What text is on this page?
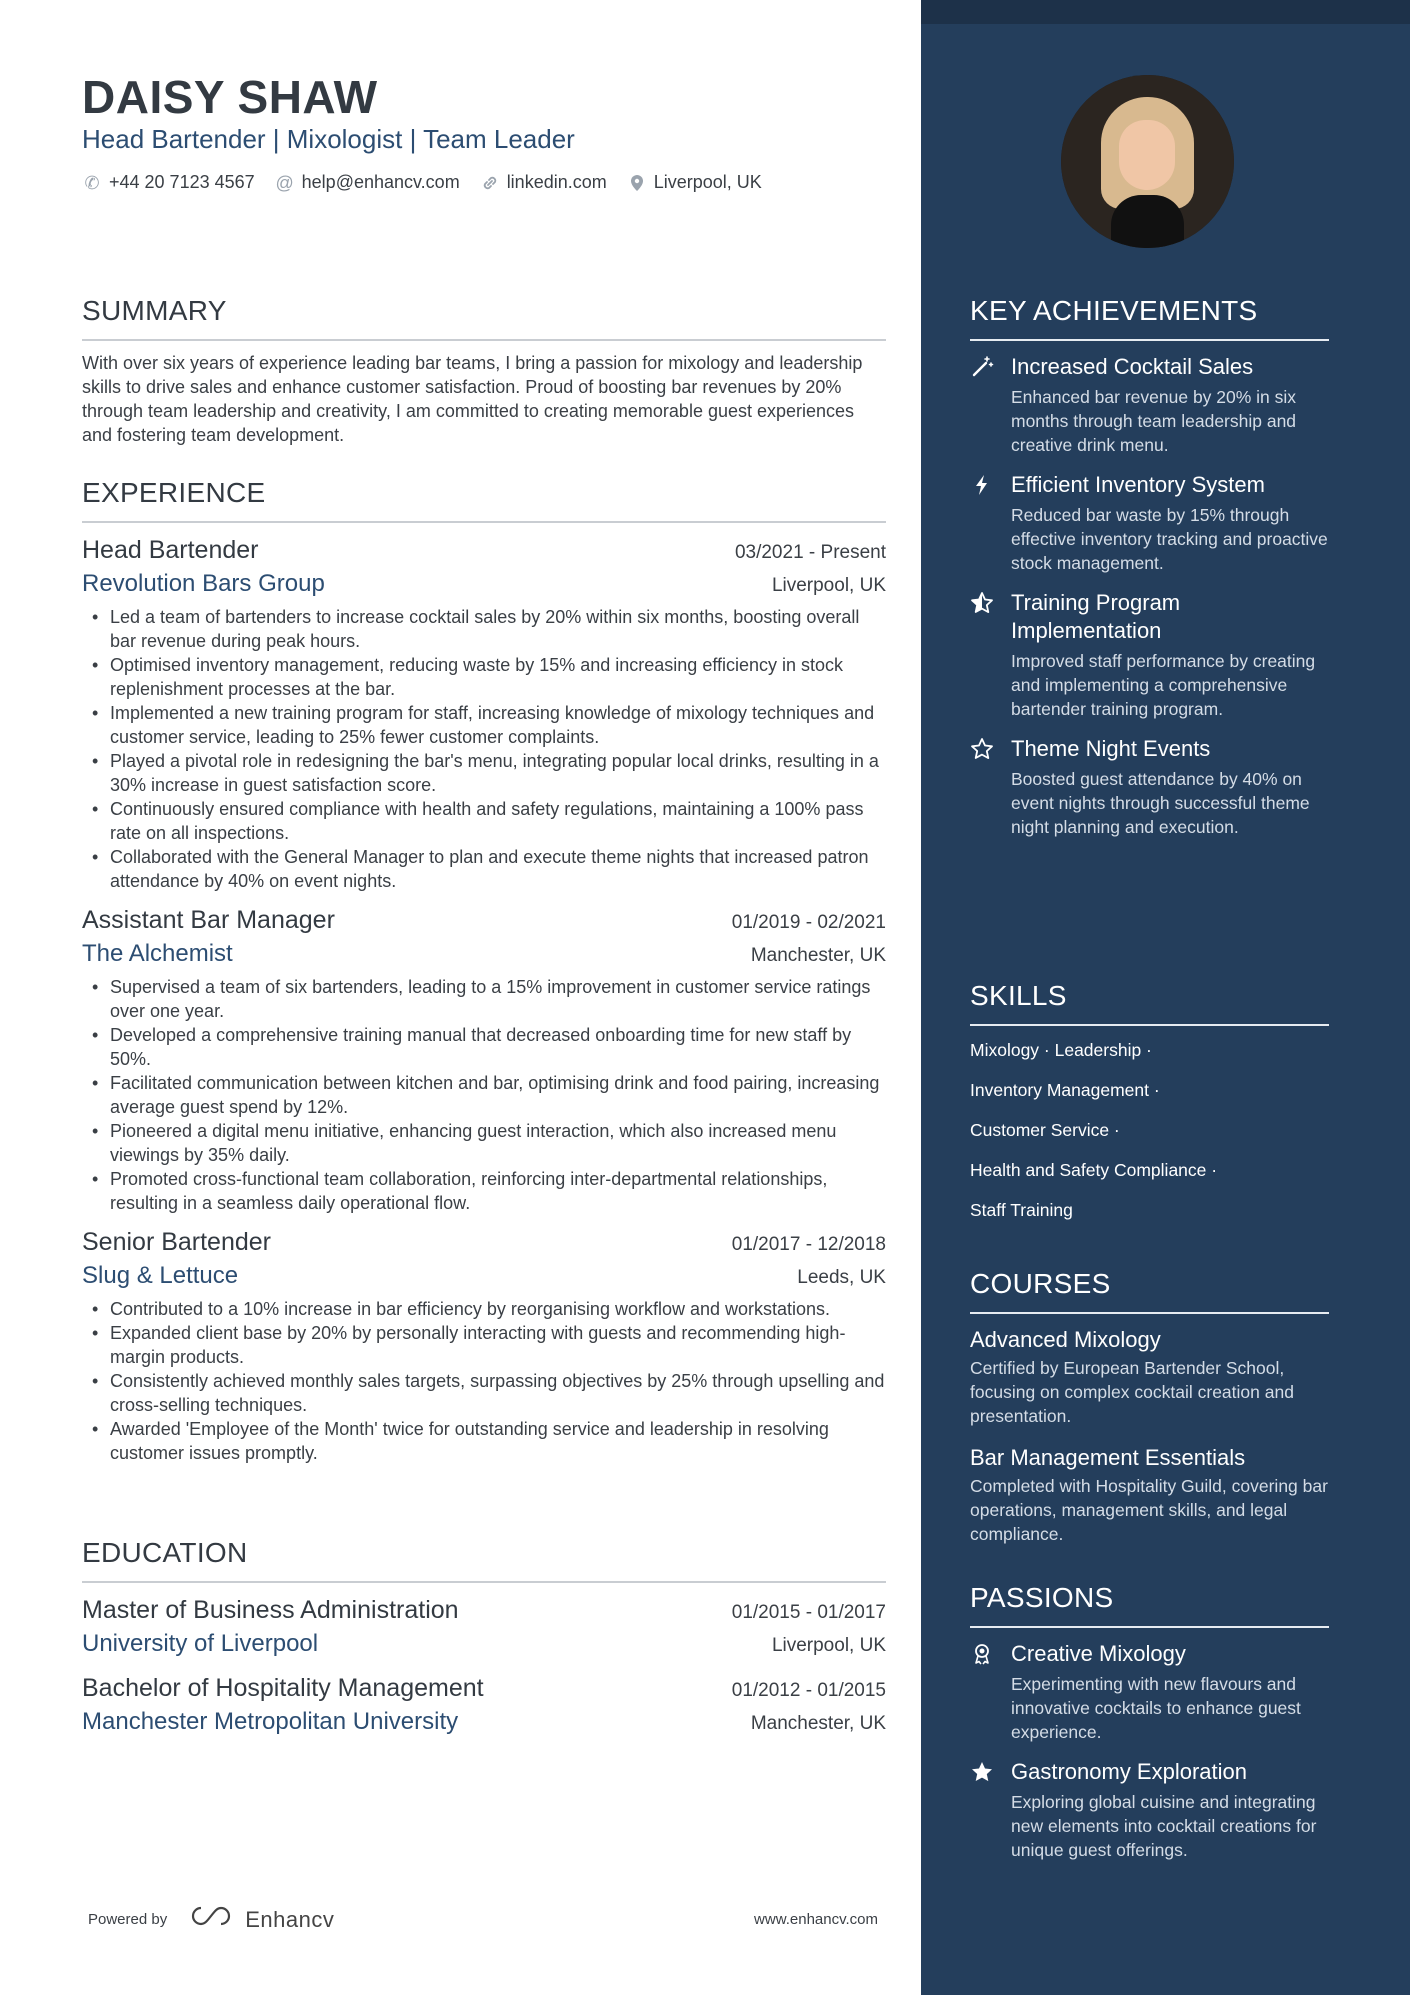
DAISY SHAW
Head Bartender | Mixologist | Team Leader
✆ +44 20 7123 4567 @ help@enhancv.com	linkedin.com	Liverpool, UK
SUMMARY
With over six years of experience leading bar teams, I bring a passion for mixology and leadership skills to drive sales and enhance customer satisfaction. Proud of boosting bar revenues by 20% through team leadership and creativity, I am committed to creating memorable guest experiences and fostering team development.
EXPERIENCE
Head Bartender	03/2021 - Present
Revolution Bars Group	Liverpool, UK
• Led a team of bartenders to increase cocktail sales by 20% within six months, boosting overall bar revenue during peak hours.
• Optimised inventory management, reducing waste by 15% and increasing efficiency in stock replenishment processes at the bar.
• Implemented a new training program for staff, increasing knowledge of mixology techniques and customer service, leading to 25% fewer customer complaints.
• Played a pivotal role in redesigning the bar's menu, integrating popular local drinks, resulting in a 30% increase in guest satisfaction score.
• Continuously ensured compliance with health and safety regulations, maintaining a 100% pass rate on all inspections.
• Collaborated with the General Manager to plan and execute theme nights that increased patron attendance by 40% on event nights.
Assistant Bar Manager	01/2019 - 02/2021
The Alchemist	Manchester, UK
• Supervised a team of six bartenders, leading to a 15% improvement in customer service ratings over one year.
• Developed a comprehensive training manual that decreased onboarding time for new staff by 50%.
• Facilitated communication between kitchen and bar, optimising drink and food pairing, increasing average guest spend by 12%.
• Pioneered a digital menu initiative, enhancing guest interaction, which also increased menu viewings by 35% daily.
• Promoted cross-functional team collaboration, reinforcing inter-departmental relationships, resulting in a seamless daily operational flow.
Senior Bartender	01/2017 - 12/2018
Slug & Lettuce	Leeds, UK
• Contributed to a 10% increase in bar efficiency by reorganising workflow and workstations.
• Expanded client base by 20% by personally interacting with guests and recommending high-margin products.
• Consistently achieved monthly sales targets, surpassing objectives by 25% through upselling and cross-selling techniques.
• Awarded 'Employee of the Month' twice for outstanding service and leadership in resolving customer issues promptly.
EDUCATION
Master of Business Administration	01/2015 - 01/2017
University of Liverpool	Liverpool, UK
Bachelor of Hospitality Management	01/2012 - 01/2015
Manchester Metropolitan University	Manchester, UK
Powered by	Enhancv	www.enhancv.com
KEY ACHIEVEMENTS
Increased Cocktail Sales
Enhanced bar revenue by 20% in six months through team leadership and creative drink menu.
Efficient Inventory System
Reduced bar waste by 15% through effective inventory tracking and proactive stock management.
Training Program Implementation
Improved staff performance by creating and implementing a comprehensive bartender training program.
Theme Night Events
Boosted guest attendance by 40% on event nights through successful theme night planning and execution.
SKILLS
Mixology · Leadership ·
Inventory Management ·
Customer Service ·
Health and Safety Compliance ·
Staff Training
COURSES
Advanced Mixology
Certified by European Bartender School, focusing on complex cocktail creation and presentation.
Bar Management Essentials
Completed with Hospitality Guild, covering bar operations, management skills, and legal compliance.
PASSIONS
Creative Mixology
Experimenting with new flavours and innovative cocktails to enhance guest experience.
Gastronomy Exploration
Exploring global cuisine and integrating new elements into cocktail creations for unique guest offerings.
